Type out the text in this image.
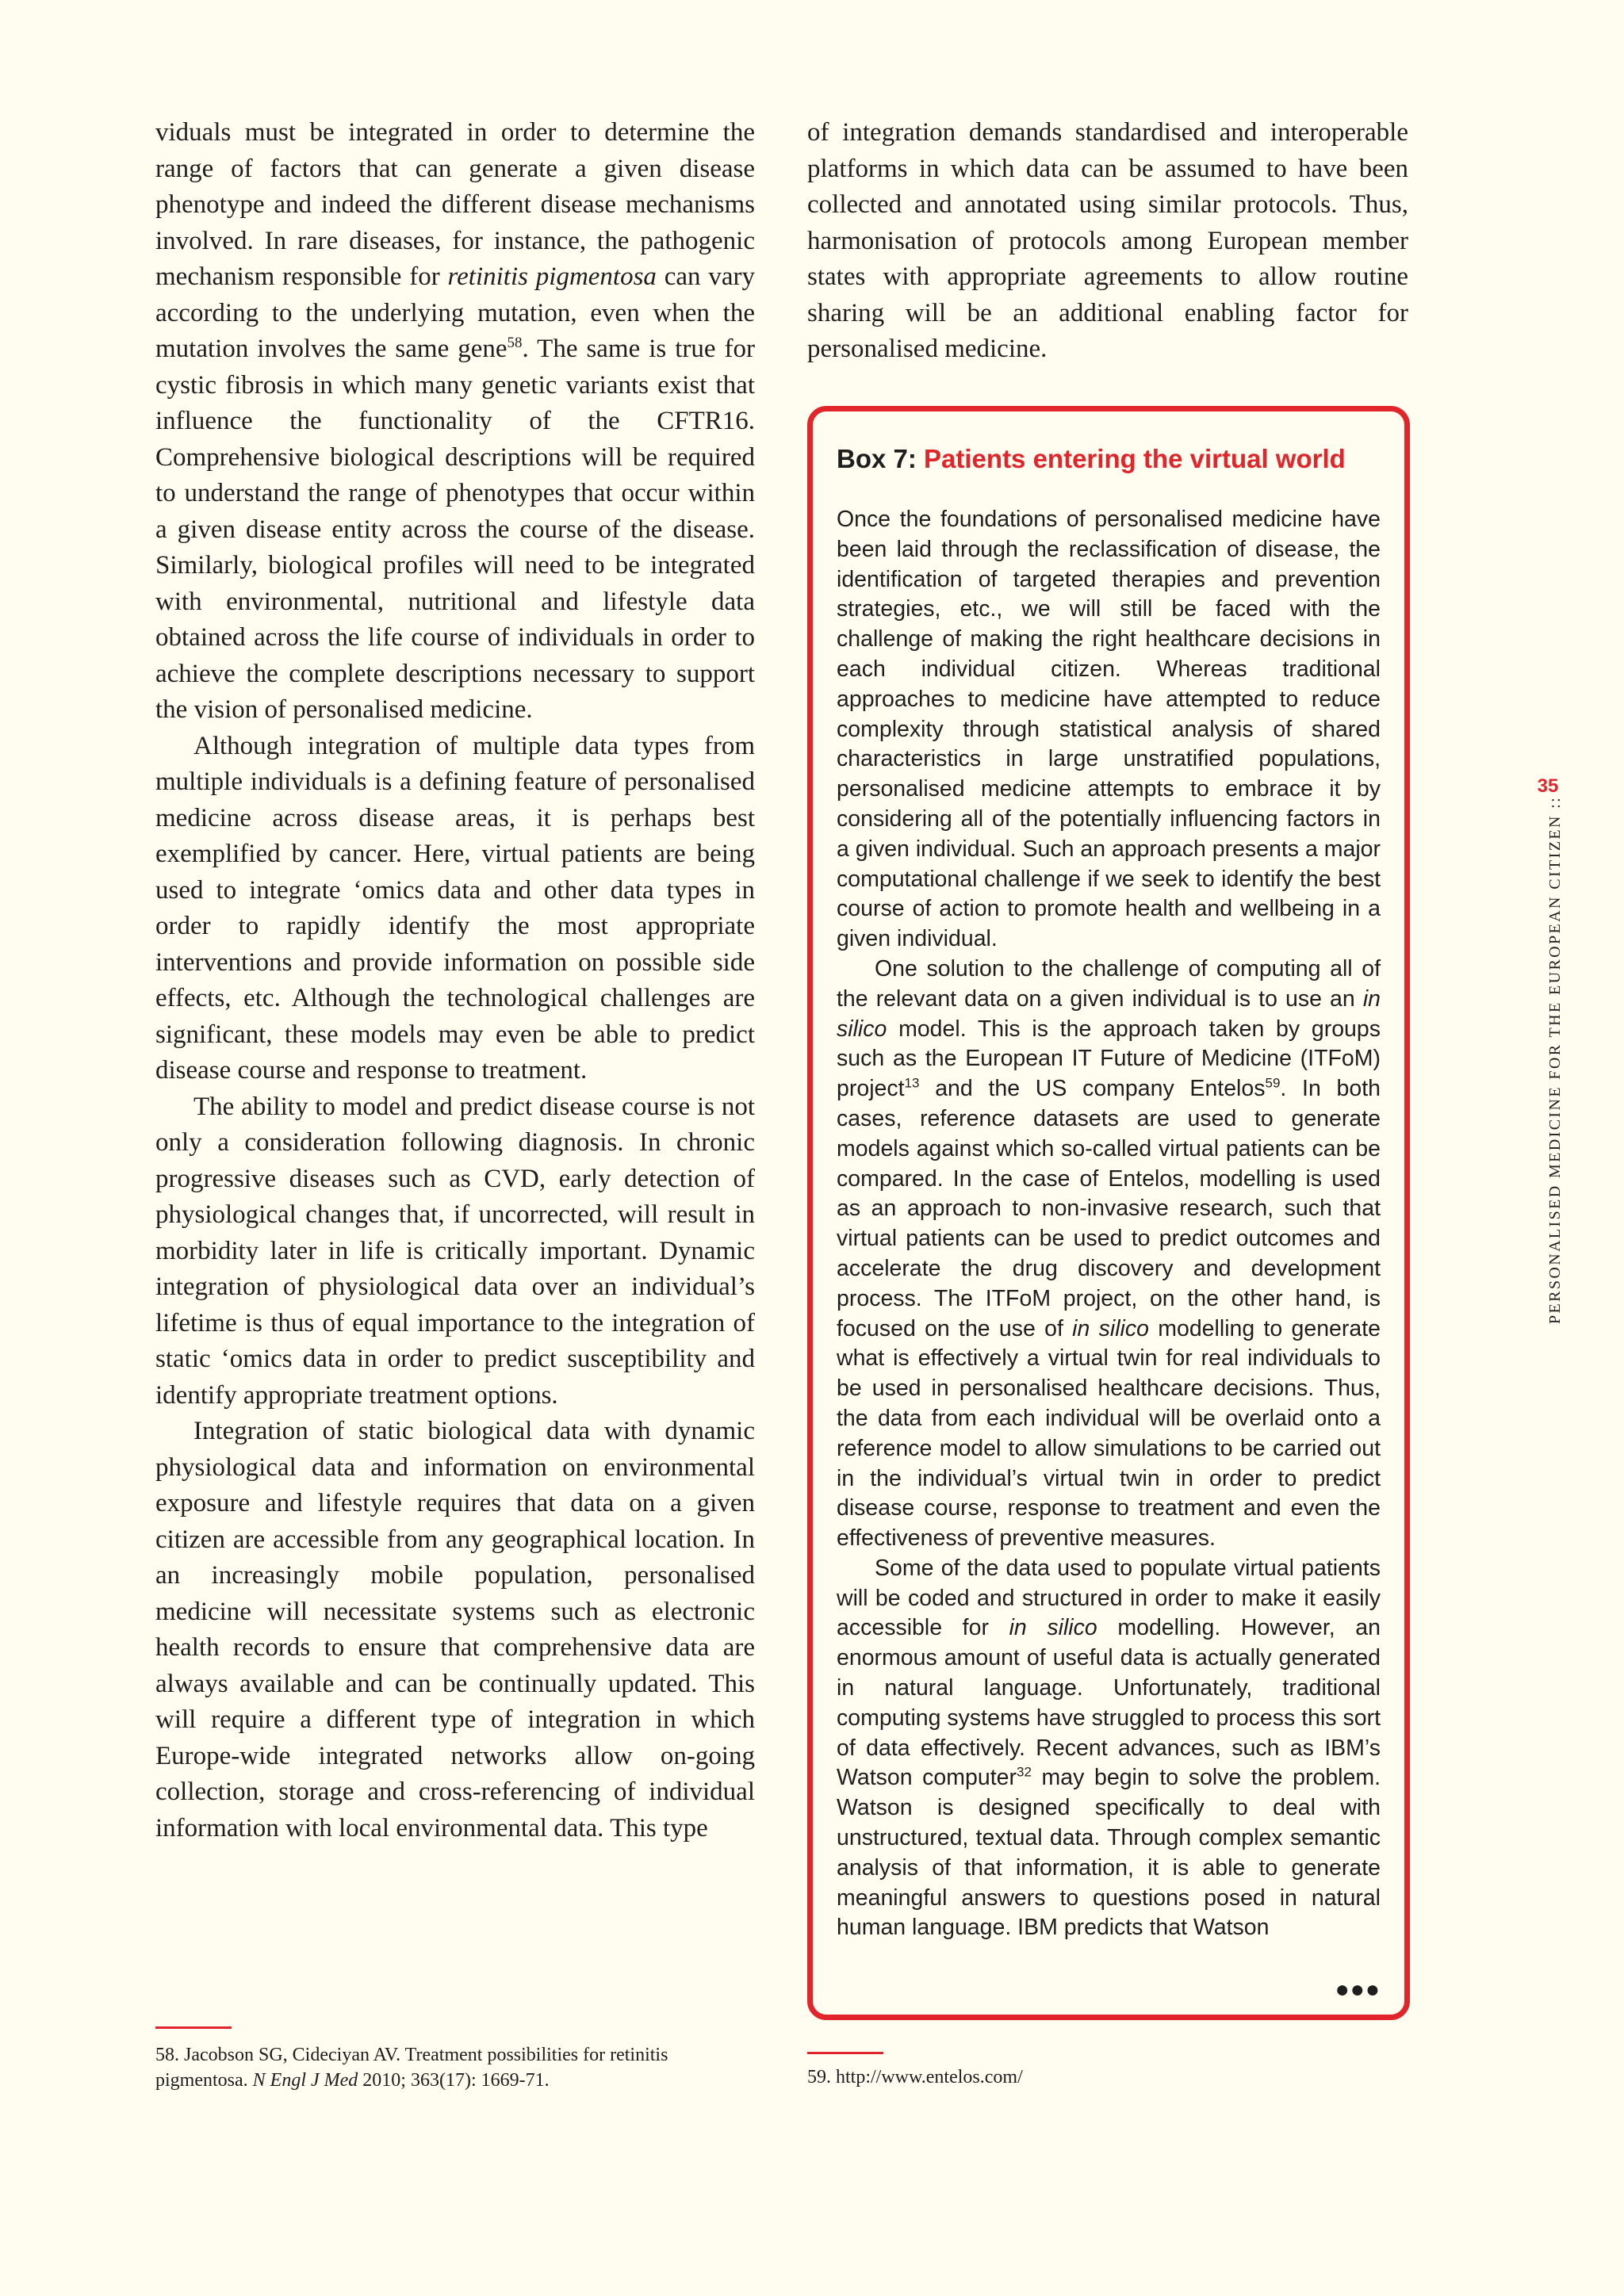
viduals must be integrated in order to determine the range of factors that can generate a given disease phenotype and indeed the different disease mechanisms involved. In rare diseases, for instance, the pathogenic mechanism responsible for retinitis pigmentosa can vary according to the underlying mutation, even when the mutation involves the same gene$^{58}$. The same is true for cystic fibrosis in which many genetic variants exist that influence the functionality of the CFTR16. Comprehensive biological descriptions will be required to understand the range of phenotypes that occur within a given disease entity across the course of the disease. Similarly, biological profiles will need to be integrated with environmental, nutritional and lifestyle data obtained across the life course of individuals in order to achieve the complete descriptions necessary to support the vision of personalised medicine.

Although integration of multiple data types from multiple individuals is a defining feature of personalised medicine across disease areas, it is perhaps best exemplified by cancer. Here, virtual patients are being used to integrate ‘omics data and other data types in order to rapidly identify the most appropriate interventions and provide information on possible side effects, etc. Although the technological challenges are significant, these models may even be able to predict disease course and response to treatment.

The ability to model and predict disease course is not only a consideration following diagnosis. In chronic progressive diseases such as CVD, early detection of physiological changes that, if uncorrected, will result in morbidity later in life is critically important. Dynamic integration of physiological data over an individual’s lifetime is thus of equal importance to the integration of static ‘omics data in order to predict susceptibility and identify appropriate treatment options.

Integration of static biological data with dynamic physiological data and information on environmental exposure and lifestyle requires that data on a given citizen are accessible from any geographical location. In an increasingly mobile population, personalised medicine will necessitate systems such as electronic health records to ensure that comprehensive data are always available and can be continually updated. This will require a different type of integration in which Europe-wide integrated networks allow on-going collection, storage and cross-referencing of individual information with local environmental data. This type

of integration demands standardised and interoperable platforms in which data can be assumed to have been collected and annotated using similar protocols. Thus, harmonisation of protocols among European member states with appropriate agreements to allow routine sharing will be an additional enabling factor for personalised medicine.

Box 7: Patients entering the virtual world

Once the foundations of personalised medicine have been laid through the reclassification of disease, the identification of targeted therapies and prevention strategies, etc., we will still be faced with the challenge of making the right healthcare decisions in each individual citizen. Whereas traditional approaches to medicine have attempted to reduce complexity through statistical analysis of shared characteristics in large unstratified populations, personalised medicine attempts to embrace it by considering all of the potentially influencing factors in a given individual. Such an approach presents a major computational challenge if we seek to identify the best course of action to promote health and wellbeing in a given individual.

One solution to the challenge of computing all of the relevant data on a given individual is to use an in silico model. This is the approach taken by groups such as the European IT Future of Medicine (ITFoM) project$^{13}$ and the US company Entelos$^{59}$. In both cases, reference datasets are used to generate models against which so-called virtual patients can be compared. In the case of Entelos, modelling is used as an approach to non-invasive research, such that virtual patients can be used to predict outcomes and accelerate the drug discovery and development process. The ITFoM project, on the other hand, is focused on the use of in silico modelling to generate what is effectively a virtual twin for real individuals to be used in personalised healthcare decisions. Thus, the data from each individual will be overlaid onto a reference model to allow simulations to be carried out in the individual’s virtual twin in order to predict disease course, response to treatment and even the effectiveness of preventive measures.

Some of the data used to populate virtual patients will be coded and structured in order to make it easily accessible for in silico modelling. However, an enormous amount of useful data is actually generated in natural language. Unfortunately, traditional computing systems have struggled to process this sort of data effectively. Recent advances, such as IBM’s Watson computer$^{32}$ may begin to solve the problem. Watson is designed specifically to deal with unstructured, textual data. Through complex semantic analysis of that information, it is able to generate meaningful answers to questions posed in natural human language. IBM predicts that Watson

●●●
58. Jacobson SG, Cideciyan AV. Treatment possibilities for retinitis pigmentosa. N Engl J Med 2010; 363(17): 1669-71.	59. http://www.entelos.com/
35
PERSONALISED MEDICINE FOR THE EUROPEAN CITIZEN ::
